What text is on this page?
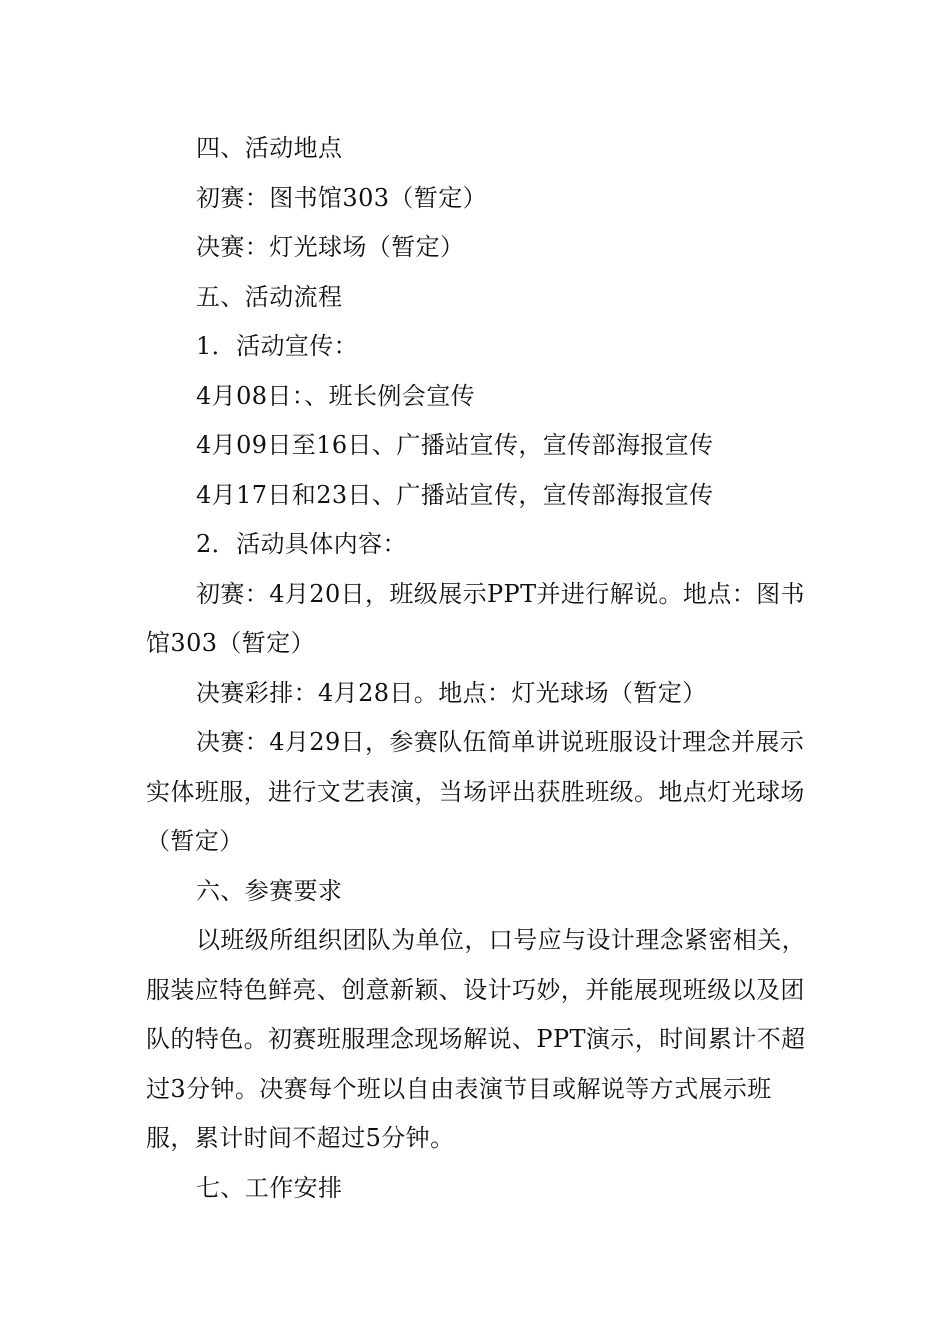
四、活动地点

初赛：图书馆303（暂定）

决赛：灯光球场（暂定）

五、活动流程

1．活动宣传：

4月08日：、班长例会宣传

4月09日至16日、广播站宣传，宣传部海报宣传

4月17日和23日、广播站宣传，宣传部海报宣传

2．活动具体内容：

初赛：4月20日，班级展示PPT并进行解说。地点：图书馆303（暂定）

决赛彩排：4月28日。地点：灯光球场（暂定）

决赛：4月29日，参赛队伍简单讲说班服设计理念并展示实体班服，进行文艺表演，当场评出获胜班级。地点灯光球场（暂定）

六、参赛要求

以班级所组织团队为单位，口号应与设计理念紧密相关，服装应特色鲜亮、创意新颖、设计巧妙，并能展现班级以及团队的特色。初赛班服理念现场解说、PPT演示，时间累计不超过3分钟。决赛每个班以自由表演节目或解说等方式展示班服，累计时间不超过5分钟。

七、工作安排
